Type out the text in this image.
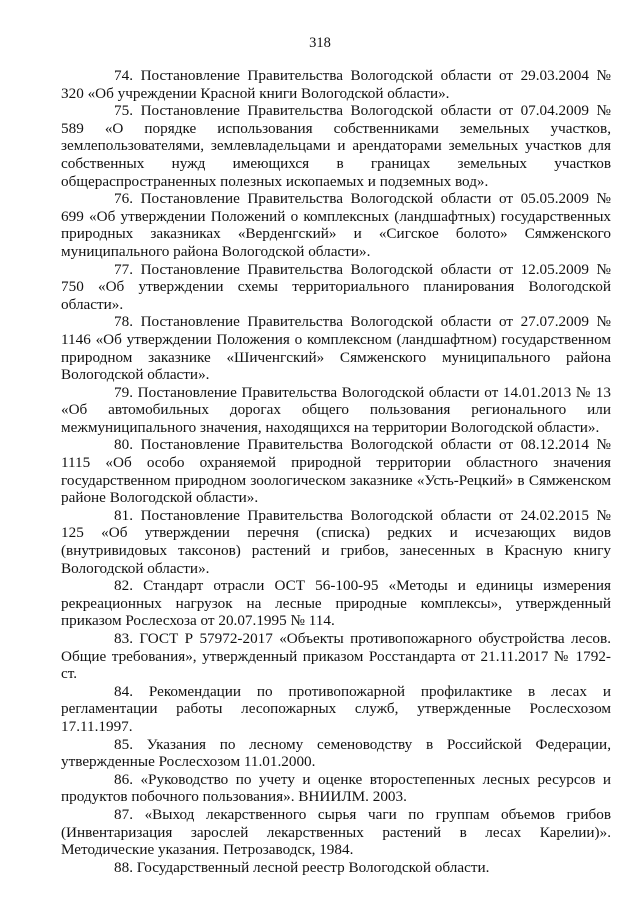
318

74. Постановление Правительства Вологодской области от 29.03.2004 № 320 «Об учреждении Красной книги Вологодской области».

75. Постановление Правительства Вологодской области от 07.04.2009 № 589 «О порядке использования собственниками земельных участков, землепользователями, землевладельцами и арендаторами земельных участков для собственных нужд имеющихся в границах земельных участков общераспространенных полезных ископаемых и подземных вод».

76. Постановление Правительства Вологодской области от 05.05.2009 № 699 «Об утверждении Положений о комплексных (ландшафтных) государственных природных заказниках «Верденгский» и «Сигское болото» Сямженского муниципального района Вологодской области».

77. Постановление Правительства Вологодской области от 12.05.2009 № 750 «Об утверждении схемы территориального планирования Вологодской области».

78. Постановление Правительства Вологодской области от 27.07.2009 № 1146 «Об утверждении Положения о комплексном (ландшафтном) государственном природном заказнике «Шиченгский» Сямженского муниципального района Вологодской области».

79. Постановление Правительства Вологодской области от 14.01.2013 № 13 «Об автомобильных дорогах общего пользования регионального или межмуниципального значения, находящихся на территории Вологодской области».

80. Постановление Правительства Вологодской области от 08.12.2014 № 1115 «Об особо охраняемой природной территории областного значения государственном природном зоологическом заказнике «Усть-Рецкий» в Сямженском районе Вологодской области».

81. Постановление Правительства Вологодской области от 24.02.2015 № 125 «Об утверждении перечня (списка) редких и исчезающих видов (внутривидовых таксонов) растений и грибов, занесенных в Красную книгу Вологодской области».

82. Стандарт отрасли ОСТ 56-100-95 «Методы и единицы измерения рекреационных нагрузок на лесные природные комплексы», утвержденный приказом Рослесхоза от 20.07.1995 № 114.

83. ГОСТ Р 57972-2017 «Объекты противопожарного обустройства лесов. Общие требования», утвержденный приказом Росстандарта от 21.11.2017 № 1792-ст.

84. Рекомендации по противопожарной профилактике в лесах и регламентации работы лесопожарных служб, утвержденные Рослесхозом 17.11.1997.

85. Указания по лесному семеноводству в Российской Федерации, утвержденные Рослесхозом 11.01.2000.

86. «Руководство по учету и оценке второстепенных лесных ресурсов и продуктов побочного пользования». ВНИИЛМ. 2003.

87. «Выход лекарственного сырья чаги по группам объемов грибов (Инвентаризация зарослей лекарственных растений в лесах Карелии)». Методические указания. Петрозаводск, 1984.

88. Государственный лесной реестр Вологодской области.
